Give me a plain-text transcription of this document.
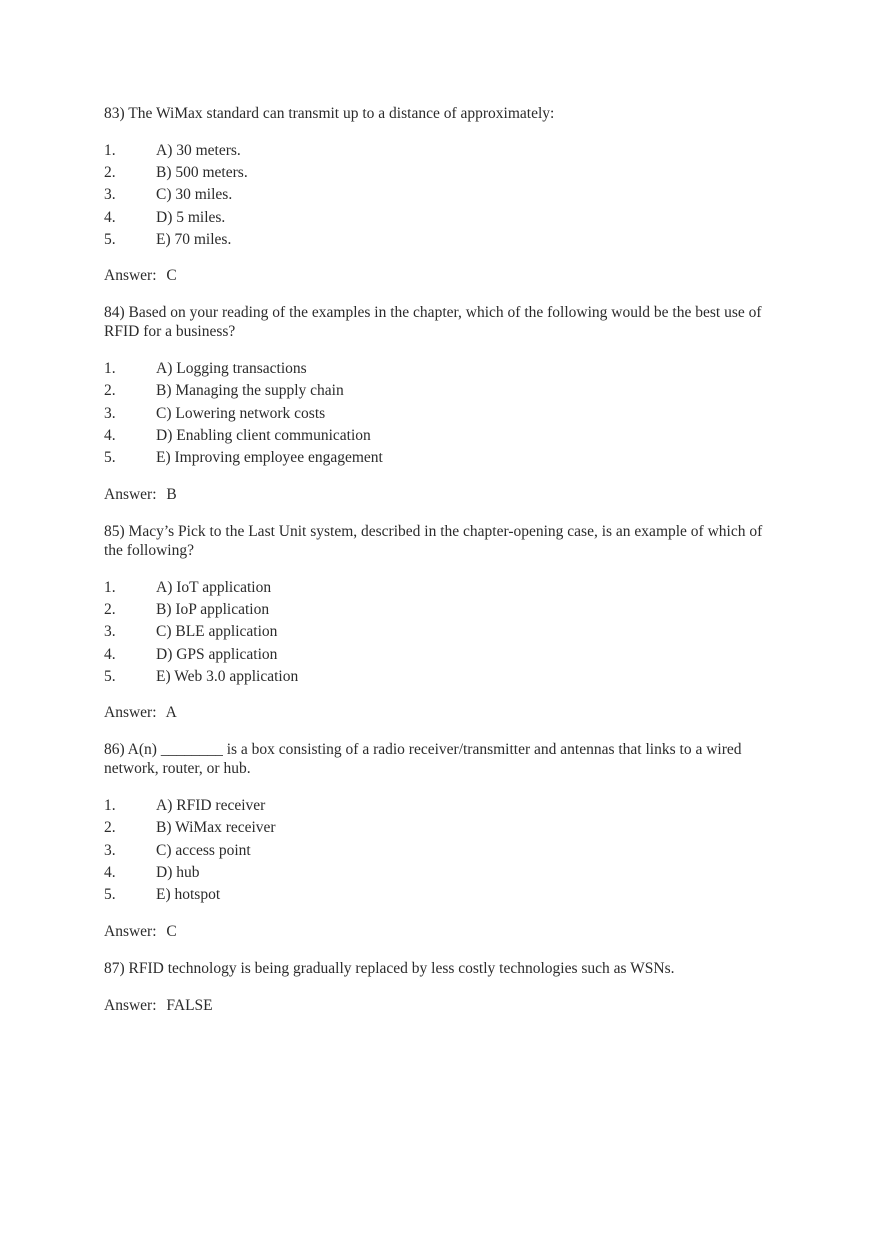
83) The WiMax standard can transmit up to a distance of approximately:

1.	A) 30 meters.
2.	B) 500 meters.
3.	C) 30 miles.
4.	D) 5 miles.
5.	E) 70 miles.

Answer: C

84) Based on your reading of the examples in the chapter, which of the following would be the best use of RFID for a business?

1.	A) Logging transactions
2.	B) Managing the supply chain
3.	C) Lowering network costs
4.	D) Enabling client communication
5.	E) Improving employee engagement

Answer: B

85) Macy’s Pick to the Last Unit system, described in the chapter-opening case, is an example of which of the following?

1.	A) IoT application
2.	B) IoP application
3.	C) BLE application
4.	D) GPS application
5.	E) Web 3.0 application

Answer: A

86) A(n) ________ is a box consisting of a radio receiver/transmitter and antennas that links to a wired network, router, or hub.

1.	A) RFID receiver
2.	B) WiMax receiver
3.	C) access point
4.	D) hub
5.	E) hotspot

Answer: C

87) RFID technology is being gradually replaced by less costly technologies such as WSNs.

Answer: FALSE
